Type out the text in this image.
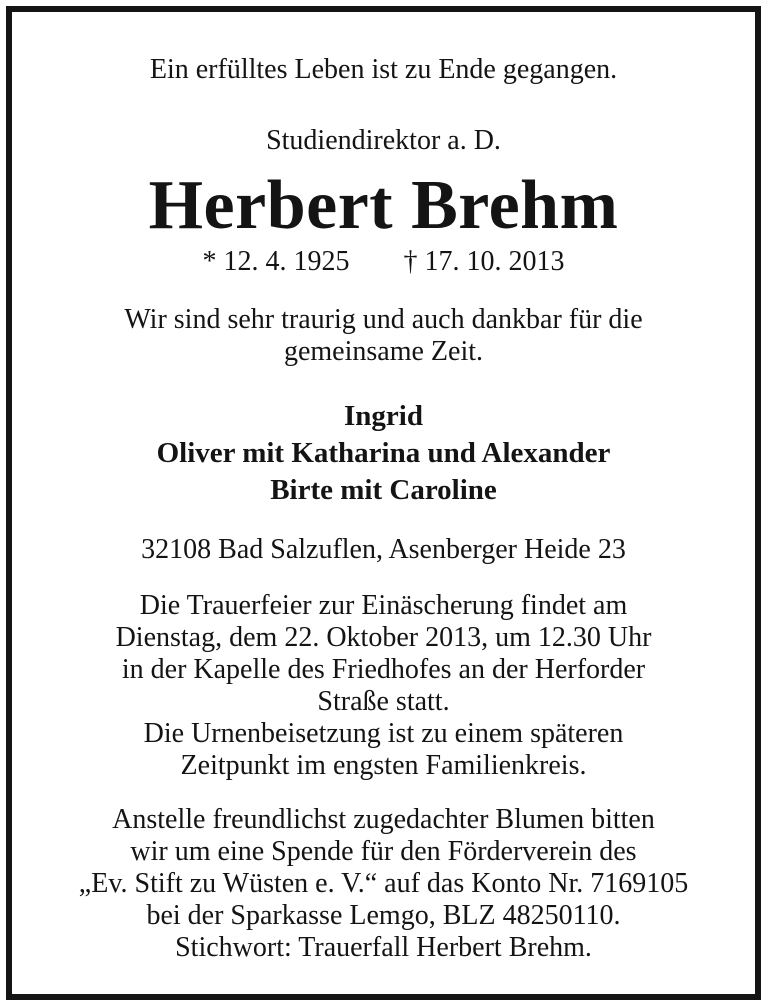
Ein erfülltes Leben ist zu Ende gegangen.
Studiendirektor a. D.
Herbert Brehm
* 12. 4. 1925 † 17. 10. 2013
Wir sind sehr traurig und auch dankbar für die
gemeinsame Zeit.
Ingrid
Oliver mit Katharina und Alexander
Birte mit Caroline
32108 Bad Salzuflen, Asenberger Heide 23
Die Trauerfeier zur Einäscherung findet am
Dienstag, dem 22. Oktober 2013, um 12.30 Uhr
in der Kapelle des Friedhofes an der Herforder
Straße statt.
Die Urnenbeisetzung ist zu einem späteren
Zeitpunkt im engsten Familienkreis.
Anstelle freundlichst zugedachter Blumen bitten
wir um eine Spende für den Förderverein des
„Ev. Stift zu Wüsten e. V.“ auf das Konto Nr. 7169105
bei der Sparkasse Lemgo, BLZ 48250110.
Stichwort: Trauerfall Herbert Brehm.
